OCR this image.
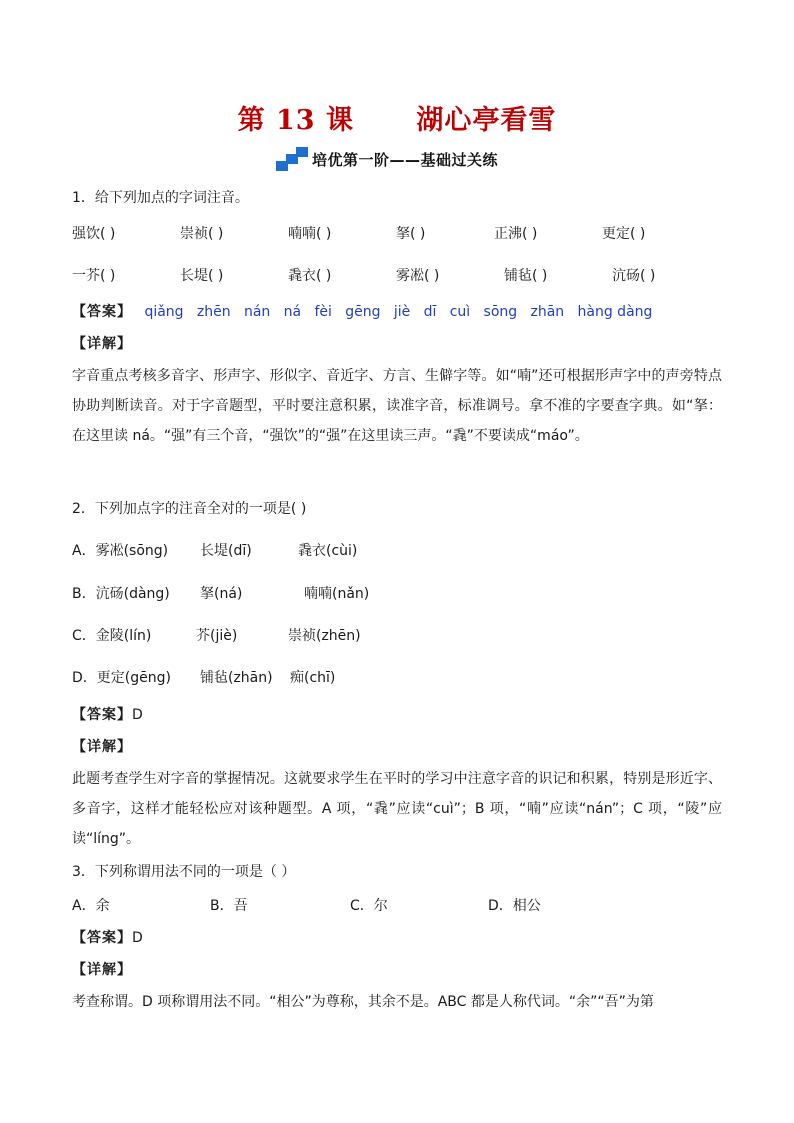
第 13 课      湖心亭看雪
培优第一阶——基础过关练
1．给下列加点的字词注音。
强饮( )	崇祯( )	喃喃( )	拏( )	正沸( )	更定( )
一芥( )	长堤( )	毳衣( )	雾凇( )	铺毡( )	沆砀( )
【答案】 qiǎng   zhēn   nán   ná   fèi   gēng   jiè   dī   cuì   sōng   zhān   hàng dàng
【详解】
字音重点考核多音字、形声字、形似字、音近字、方言、生僻字等。如“喃”还可根据形声字中的声旁特点协助判断读音。对于字音题型，平时要注意积累，读准字音，标准调号。拿不准的字要查字典。如“拏：在这里读 ná。“强”有三个音，“强饮”的“强”在这里读三声。“毳”不要读成“máo”。
2．下列加点字的注音全对的一项是( )
A．雾凇(sōng) 长堤(dī)	毳衣(cùi)
B．沆砀(dàng) 拏(ná)	喃喃(nǎn)
C．金陵(lín)	芥(jiè)	崇祯(zhēn)
D．更定(gēng) 铺毡(zhān) 痴(chī)
【答案】D
【详解】
此题考查学生对字音的掌握情况。这就要求学生在平时的学习中注意字音的识记和积累，特别是形近字、多音字，这样才能轻松应对该种题型。A 项，“毳”应读“cuì”；B 项，“喃”应读“nán”；C 项，“陵”应读“líng”。
3．下列称谓用法不同的一项是（ ）
A．余	B．吾	C．尔	D．相公
【答案】D
【详解】
考查称谓。D 项称谓用法不同。“相公”为尊称，其余不是。ABC 都是人称代词。“余”“吾”为第
